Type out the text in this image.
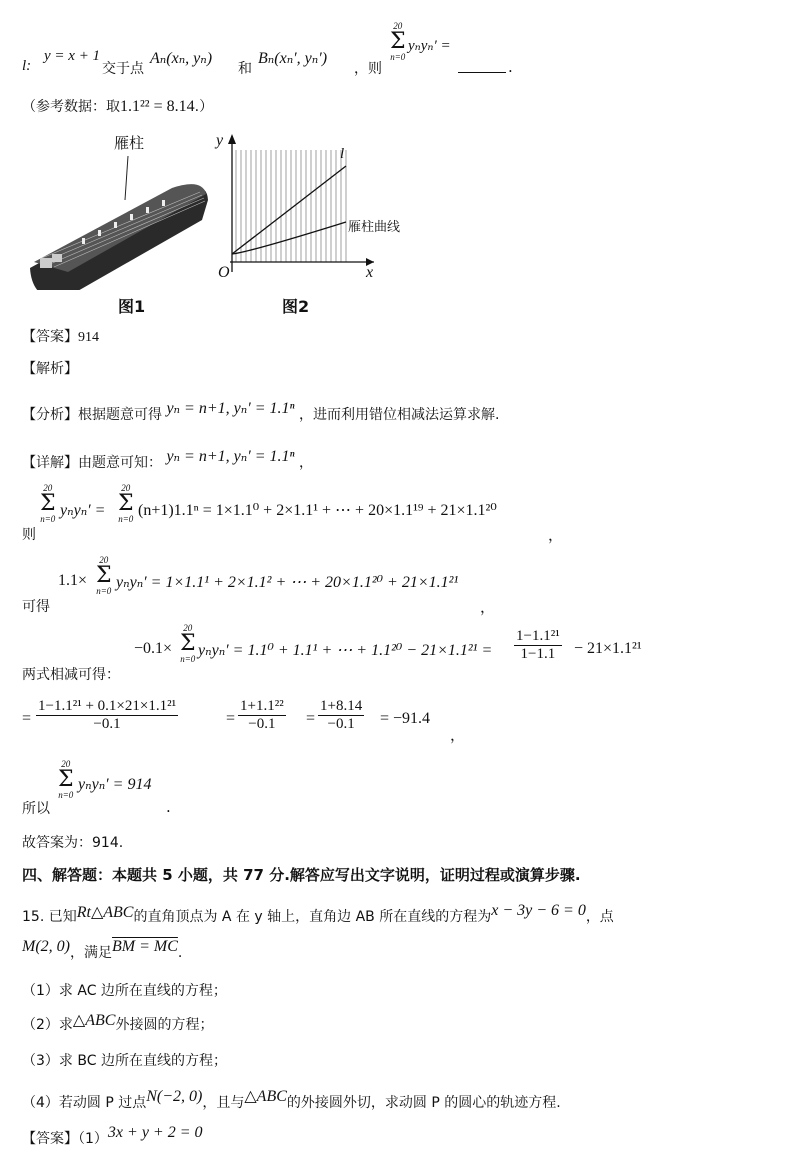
l:
y = x + 1
交于点
Aₙ(xₙ, yₙ)
和
Bₙ(xₙ′, yₙ′)
，则
20
Σ
n=0
yₙyₙ′ =
.
（参考数据：取1.1²² = 8.14.）
雁柱
图1
y
x
O
l
雁柱曲线
图2
【答案】914
【解析】
【分析】根据题意可得 yₙ = n+1, yₙ′ = 1.1ⁿ ，进而利用错位相减法运算求解.
【详解】由题意可知： yₙ = n+1, yₙ′ = 1.1ⁿ ，
则
20
Σ
n=0 yₙyₙ′ =
20
Σ
n=0 (n+1)1.1ⁿ = 1×1.1⁰ + 2×1.1¹ + ⋯ + 20×1.1¹⁹ + 21×1.1²⁰
，
可得
1.1×
20
Σ
n=0 yₙyₙ′ = 1×1.1¹ + 2×1.1² + ⋯ + 20×1.1²⁰ + 21×1.1²¹
，
两式相减可得：
−0.1×
20
Σ
n=0 yₙyₙ′ = 1.1⁰ + 1.1¹ + ⋯ + $1.1^{20} - 21\times 1.1^{21} = \frac{\text{1−1.1²¹}}{1-1.1} - 21\times 1.1^{21}$
= $\frac{\text{1−1.1²¹ + 0.1×21×1.1²¹}}{-0.1}$	= $\frac{\text{1+1.1²²}}{-0.1} = \frac{1+8.14}{-0.1} = -91.4$
，
所以
20
Σ
n=0
yₙyₙ′ = 914
.
故答案为：914.
四、解答题：本题共 5 小题，共 77 分.解答应写出文字说明，证明过程或演算步骤.
15. 已知Rt△ABC的直角顶点为 A 在 y 轴上，直角边 AB 所在直线的方程为x − 3y − 6 = 0，点
M(2, 0)，满足BM = MC.
（1）求 AC 边所在直线的方程；
（2）求△ABC外接圆的方程；
（3）求 BC 边所在直线的方程；
（4）若动圆 P 过点N(−2, 0)，且与△ABC的外接圆外切，求动圆 P 的圆心的轨迹方程.
【答案】（1）3x + y + 2 = 0
